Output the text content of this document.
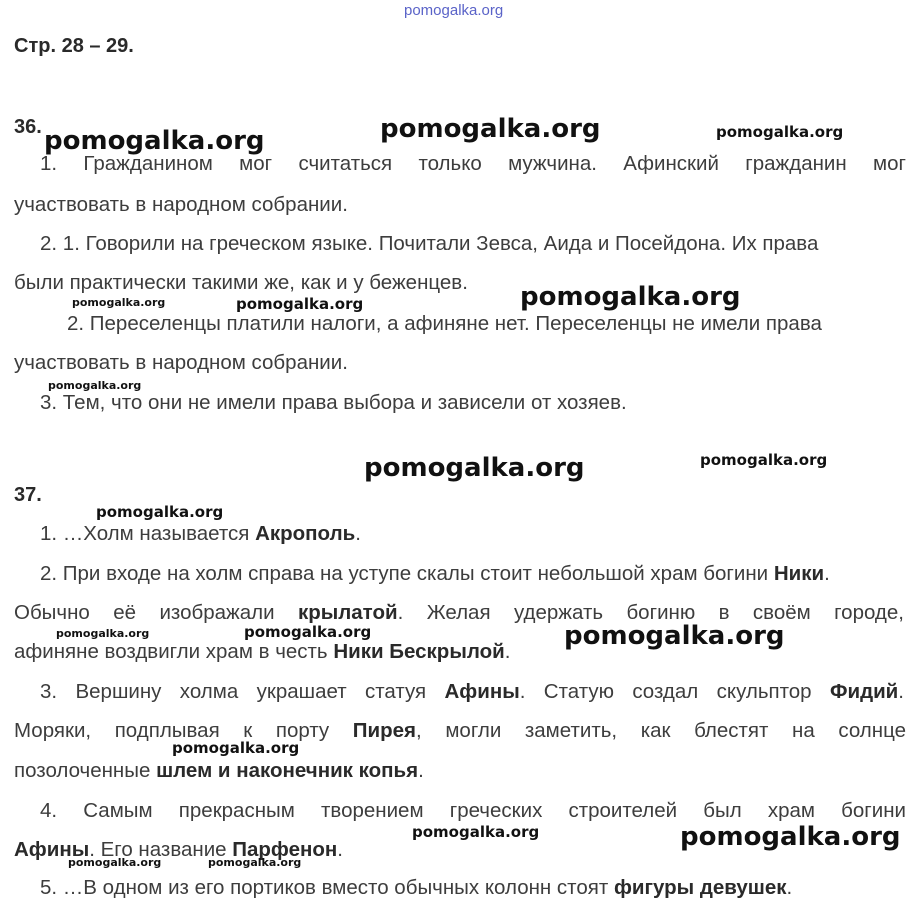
pomogalka.org
Стр. 28 – 29.
36.
1. Гражданином мог считаться только мужчина. Афинский гражданин мог
участвовать в народном собрании.
2. 1. Говорили на греческом языке. Почитали Зевса, Аида и Посейдона. Их права
были практически такими же, как и у беженцев.
2. Переселенцы платили налоги, а афиняне нет. Переселенцы не имели права
участвовать в народном собрании.
3. Тем, что они не имели права выбора и зависели от хозяев.
37.
1. …Холм называется Акрополь.
2. При входе на холм справа на уступе скалы стоит небольшой храм богини Ники.
Обычно её изображали крылатой. Желая удержать богиню в своём городе,
афиняне воздвигли храм в честь Ники Бескрылой.
3. Вершину холма украшает статуя Афины. Статую создал скульптор Фидий.
Моряки, подплывая к порту Пирея, могли заметить, как блестят на солнце
позолоченные шлем и наконечник копья.
4. Самым прекрасным творением греческих строителей был храм богини
Афины. Его название Парфенон.
5. …В одном из его портиков вместо обычных колонн стоят фигуры девушек.
pomogalka.org	pomogalka.org	pomogalka.org
pomogalka.org	pomogalka.org	pomogalka.org
pomogalka.org
pomogalka.org	pomogalka.org
pomogalka.org
pomogalka.org	pomogalka.org	pomogalka.org
pomogalka.org
pomogalka.org	pomogalka.org
pomogalka.org	pomogalka.org
